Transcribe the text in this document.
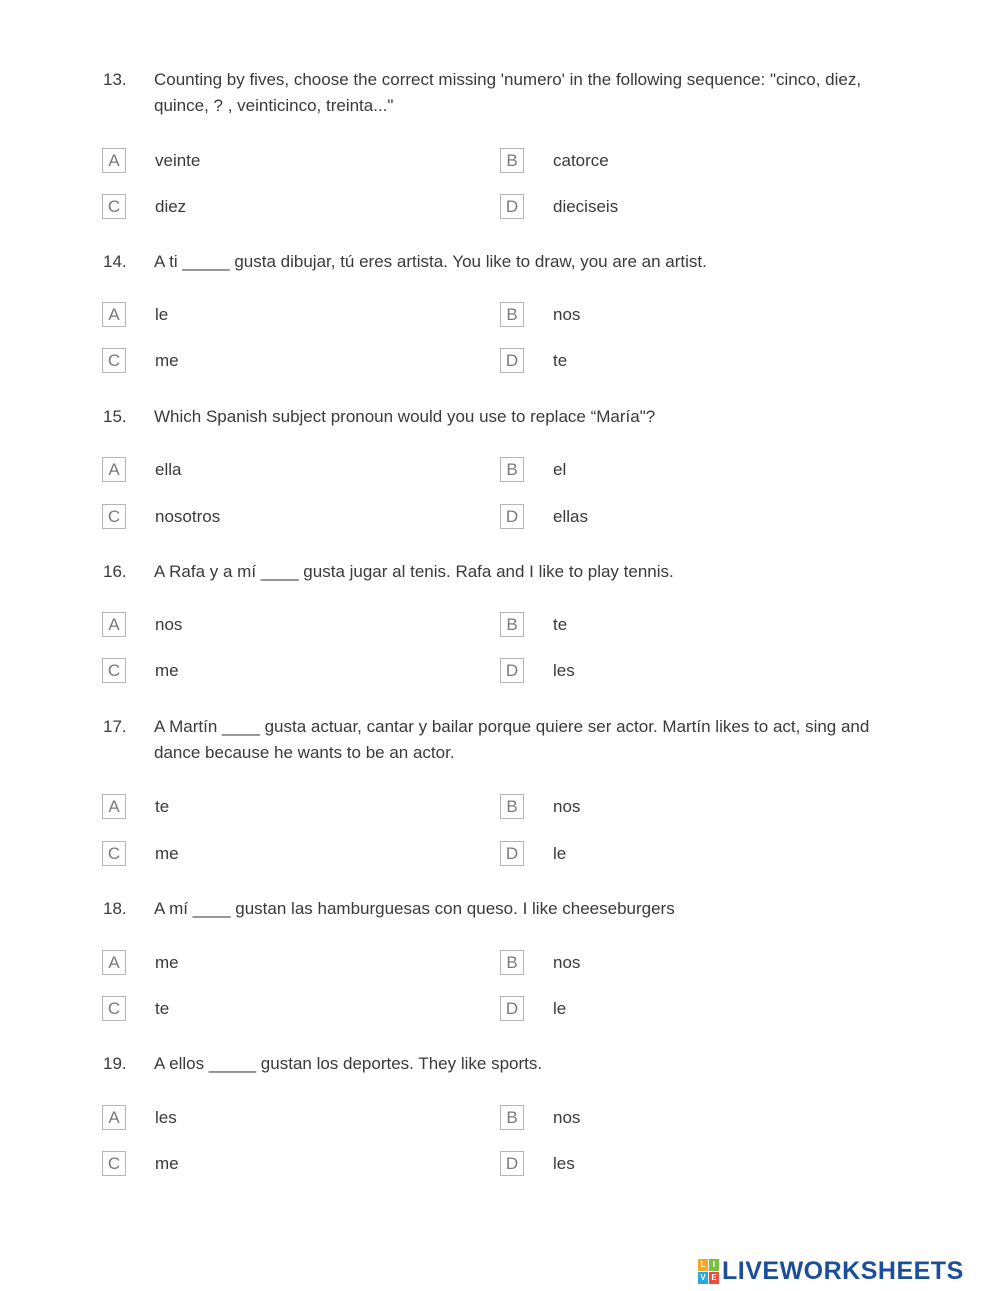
13. Counting by fives, choose the correct missing 'numero' in the following sequence: "cinco, diez, quince, ? , veinticinco, treinta..."
A	veinte	B	catorce
C	diez	D	dieciseis
14. A ti _____ gusta dibujar, tú eres artista. You like to draw, you are an artist.
A	le	B	nos
C	me	D	te
15. Which Spanish subject pronoun would you use to replace “María"?
A	ella	B	el
C	nosotros	D	ellas
16. A Rafa y a mí ____ gusta jugar al tenis. Rafa and I like to play tennis.
A	nos	B	te
C	me	D	les
17. A Martín ____ gusta actuar, cantar y bailar porque quiere ser actor. Martín likes to act, sing and dance because he wants to be an actor.
A	te	B	nos
C	me	D	le
18. A mí ____ gustan las hamburguesas con queso. I like cheeseburgers
A	me	B	nos
C	te	D	le
19. A ellos _____ gustan los deportes. They like sports.
A	les	B	nos
C	me	D	les
L I
V E LIVEWORKSHEETS
